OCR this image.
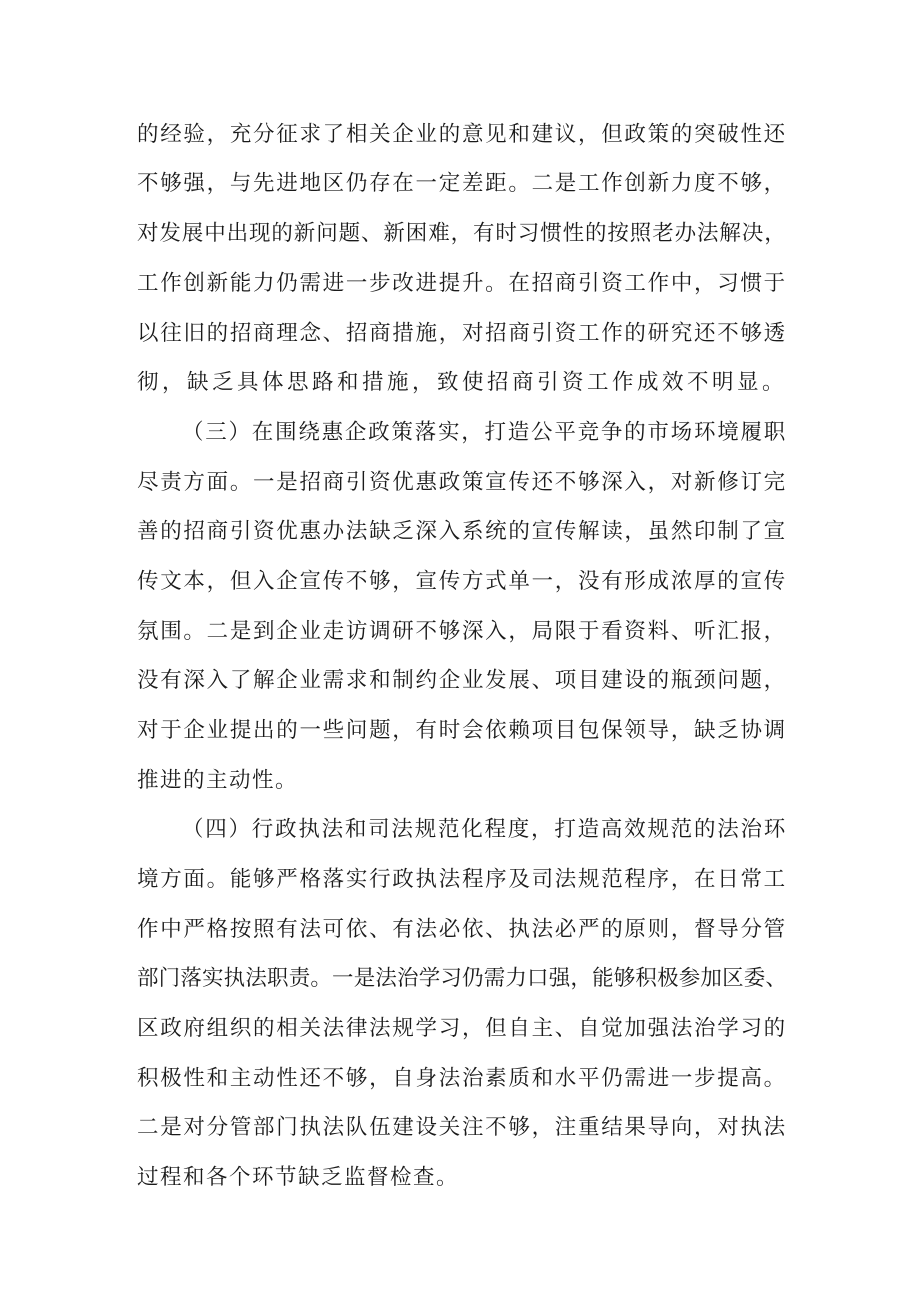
的经验，充分征求了相关企业的意见和建议，但政策的突破性还
不够强，与先进地区仍存在一定差距。二是工作创新力度不够，
对发展中出现的新问题、新困难，有时习惯性的按照老办法解决，
工作创新能力仍需进一步改进提升。在招商引资工作中，习惯于
以往旧的招商理念、招商措施，对招商引资工作的研究还不够透
彻，缺乏具体思路和措施，致使招商引资工作成效不明显。
（三）在围绕惠企政策落实，打造公平竞争的市场环境履职
尽责方面。一是招商引资优惠政策宣传还不够深入，对新修订完
善的招商引资优惠办法缺乏深入系统的宣传解读，虽然印制了宣
传文本，但入企宣传不够，宣传方式单一，没有形成浓厚的宣传
氛围。二是到企业走访调研不够深入，局限于看资料、听汇报，
没有深入了解企业需求和制约企业发展、项目建设的瓶颈问题，
对于企业提出的一些问题，有时会依赖项目包保领导，缺乏协调
推进的主动性。
（四）行政执法和司法规范化程度，打造高效规范的法治环
境方面。能够严格落实行政执法程序及司法规范程序，在日常工
作中严格按照有法可依、有法必依、执法必严的原则，督导分管
部门落实执法职责。一是法治学习仍需力口强，能够积极参加区委、
区政府组织的相关法律法规学习，但自主、自觉加强法治学习的
积极性和主动性还不够，自身法治素质和水平仍需进一步提高。
二是对分管部门执法队伍建设关注不够，注重结果导向，对执法
过程和各个环节缺乏监督检查。
